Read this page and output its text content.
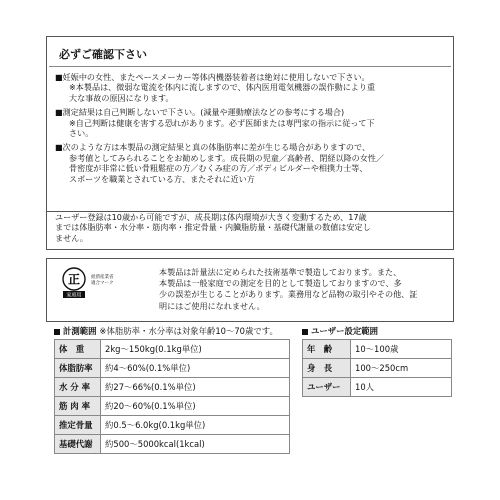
必ずご確認下さい
■妊娠中の女性、またペースメーカー等体内機器装着者は絶対に使用しないで下さい。
※本製品は、微弱な電流を体内に流しますので、体内医用電気機器の誤作動により重
大な事故の原因になります。
■測定結果は自己判断しないで下さい。(減量や運動療法などの参考にする場合)
※自己判断は健康を害する恐れがあります。必ず医師または専門家の指示に従って下
さい。
■次のような方は本製品の測定結果と真の体脂肪率に差が生じる場合がありますので、
参考値としてみられることをお勧めします。成長期の児童／高齢者、閉経以降の女性／
骨密度が非常に低い骨粗鬆症の方／むくみ症の方／ボディビルダーや相撲力士等、
スポーツを職業とされている方、またそれに近い方
ユーザー登録は10歳から可能ですが、成長期は体内環境が大きく変動するため、17歳
までは体脂肪率・水分率・筋肉率・推定骨量・内臓脂肪量・基礎代謝量の数値は安定し
ません。
正
家庭用
経済産業省
適合マーク
本製品は計量法に定められた技術基準で製造しております。また、
本製品は一般家庭での測定を目的として製造しておりますので、多
少の誤差が生じることがあります。業務用など品物の取引やその他、証
明にはご使用になれません。
計測範囲 ※体脂肪率・水分率は対象年齢10～70歳です。	ユーザー設定範囲
体　重	2kg～150kg(0.1kg単位)
体脂肪率	約4～60%(0.1%単位)
水 分 率	約27～66%(0.1%単位)
筋 肉 率	約20～60%(0.1%単位)
推定骨量	約0.5～6.0kg(0.1kg単位)
基礎代謝	約500～5000kcal(1kcal)
年　齢	10～100歳
身　長	100～250cm
ユーザー	10人
